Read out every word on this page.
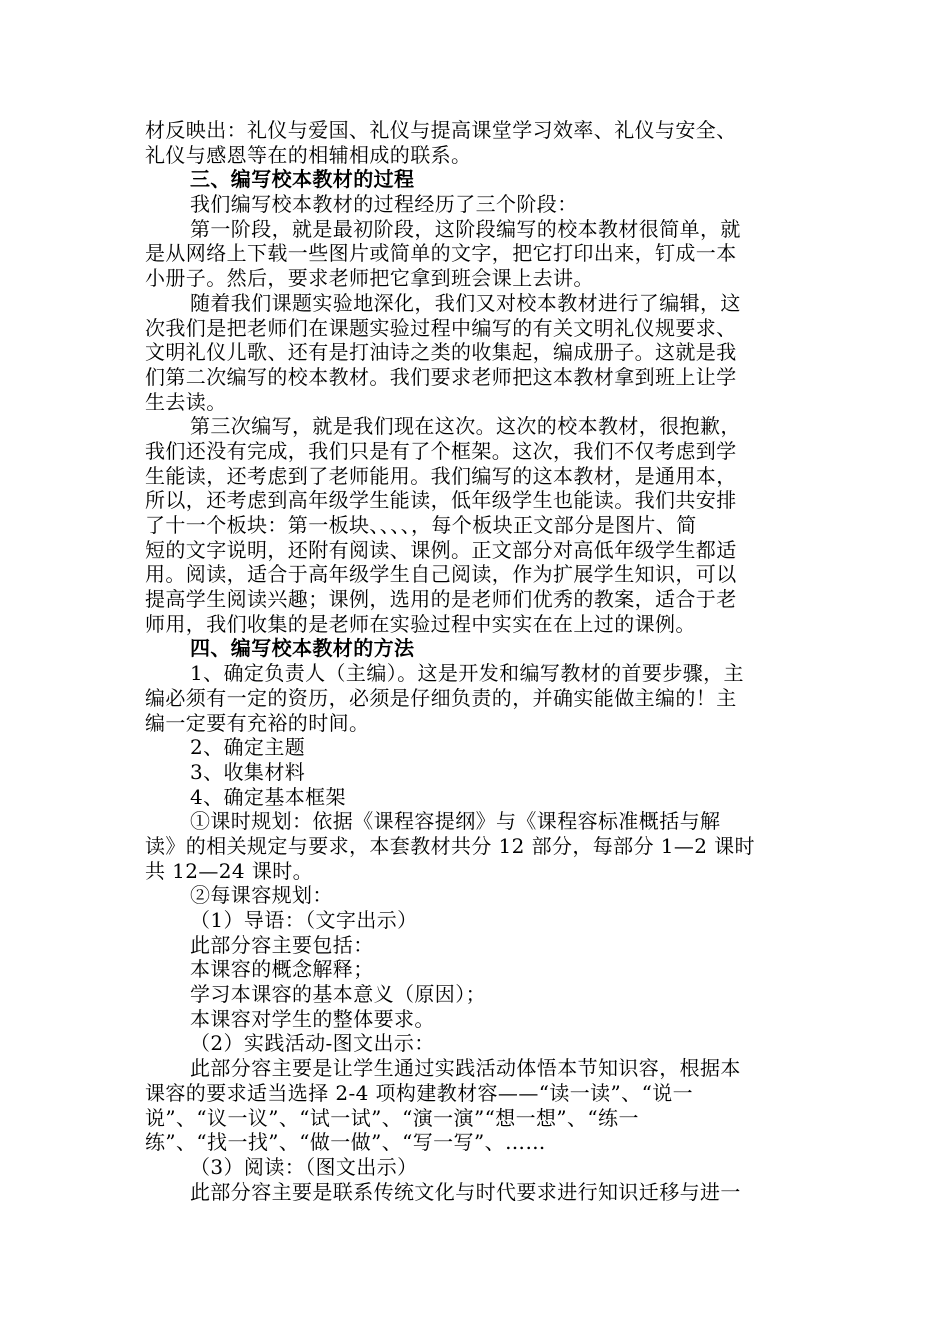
材反映出：礼仪与爱国、礼仪与提高课堂学习效率、礼仪与安全、
礼仪与感恩等在的相辅相成的联系。
三、编写校本教材的过程
我们编写校本教材的过程经历了三个阶段：
第一阶段，就是最初阶段，这阶段编写的校本教材很简单，就
是从网络上下载一些图片或简单的文字，把它打印出来，钉成一本
小册子。然后，要求老师把它拿到班会课上去讲。
随着我们课题实验地深化，我们又对校本教材进行了编辑，这
次我们是把老师们在课题实验过程中编写的有关文明礼仪规要求、
文明礼仪儿歌、还有是打油诗之类的收集起，编成册子。这就是我
们第二次编写的校本教材。我们要求老师把这本教材拿到班上让学
生去读。
第三次编写，就是我们现在这次。这次的校本教材，很抱歉，
我们还没有完成，我们只是有了个框架。这次，我们不仅考虑到学
生能读，还考虑到了老师能用。我们编写的这本教材，是通用本，
所以，还考虑到高年级学生能读，低年级学生也能读。我们共安排
了十一个板块：第一板块、、、、，每个板块正文部分是图片、简
短的文字说明，还附有阅读、课例。正文部分对高低年级学生都适
用。阅读，适合于高年级学生自己阅读，作为扩展学生知识，可以
提高学生阅读兴趣；课例，选用的是老师们优秀的教案，适合于老
师用，我们收集的是老师在实验过程中实实在在上过的课例。
四、编写校本教材的方法
1、确定负责人（主编）。这是开发和编写教材的首要步骤，主
编必须有一定的资历，必须是仔细负责的，并确实能做主编的！主
编一定要有充裕的时间。
2、确定主题
3、收集材料
4、确定基本框架
①课时规划：依据《课程容提纲》与《课程容标准概括与解
读》的相关规定与要求，本套教材共分 12 部分，每部分 1—2 课时
共 12—24 课时。
②每课容规划：
（1）导语：（文字出示）
此部分容主要包括：
本课容的概念解释；
学习本课容的基本意义（原因）；
本课容对学生的整体要求。
（2）实践活动-图文出示：
此部分容主要是让学生通过实践活动体悟本节知识容，根据本
课容的要求适当选择 2-4 项构建教材容——“读一读”、“说一
说”、“议一议”、“试一试”、“演一演”“想一想”、“练一
练”、“找一找”、“做一做”、“写一写”、……
（3）阅读：（图文出示）
此部分容主要是联系传统文化与时代要求进行知识迁移与进一
